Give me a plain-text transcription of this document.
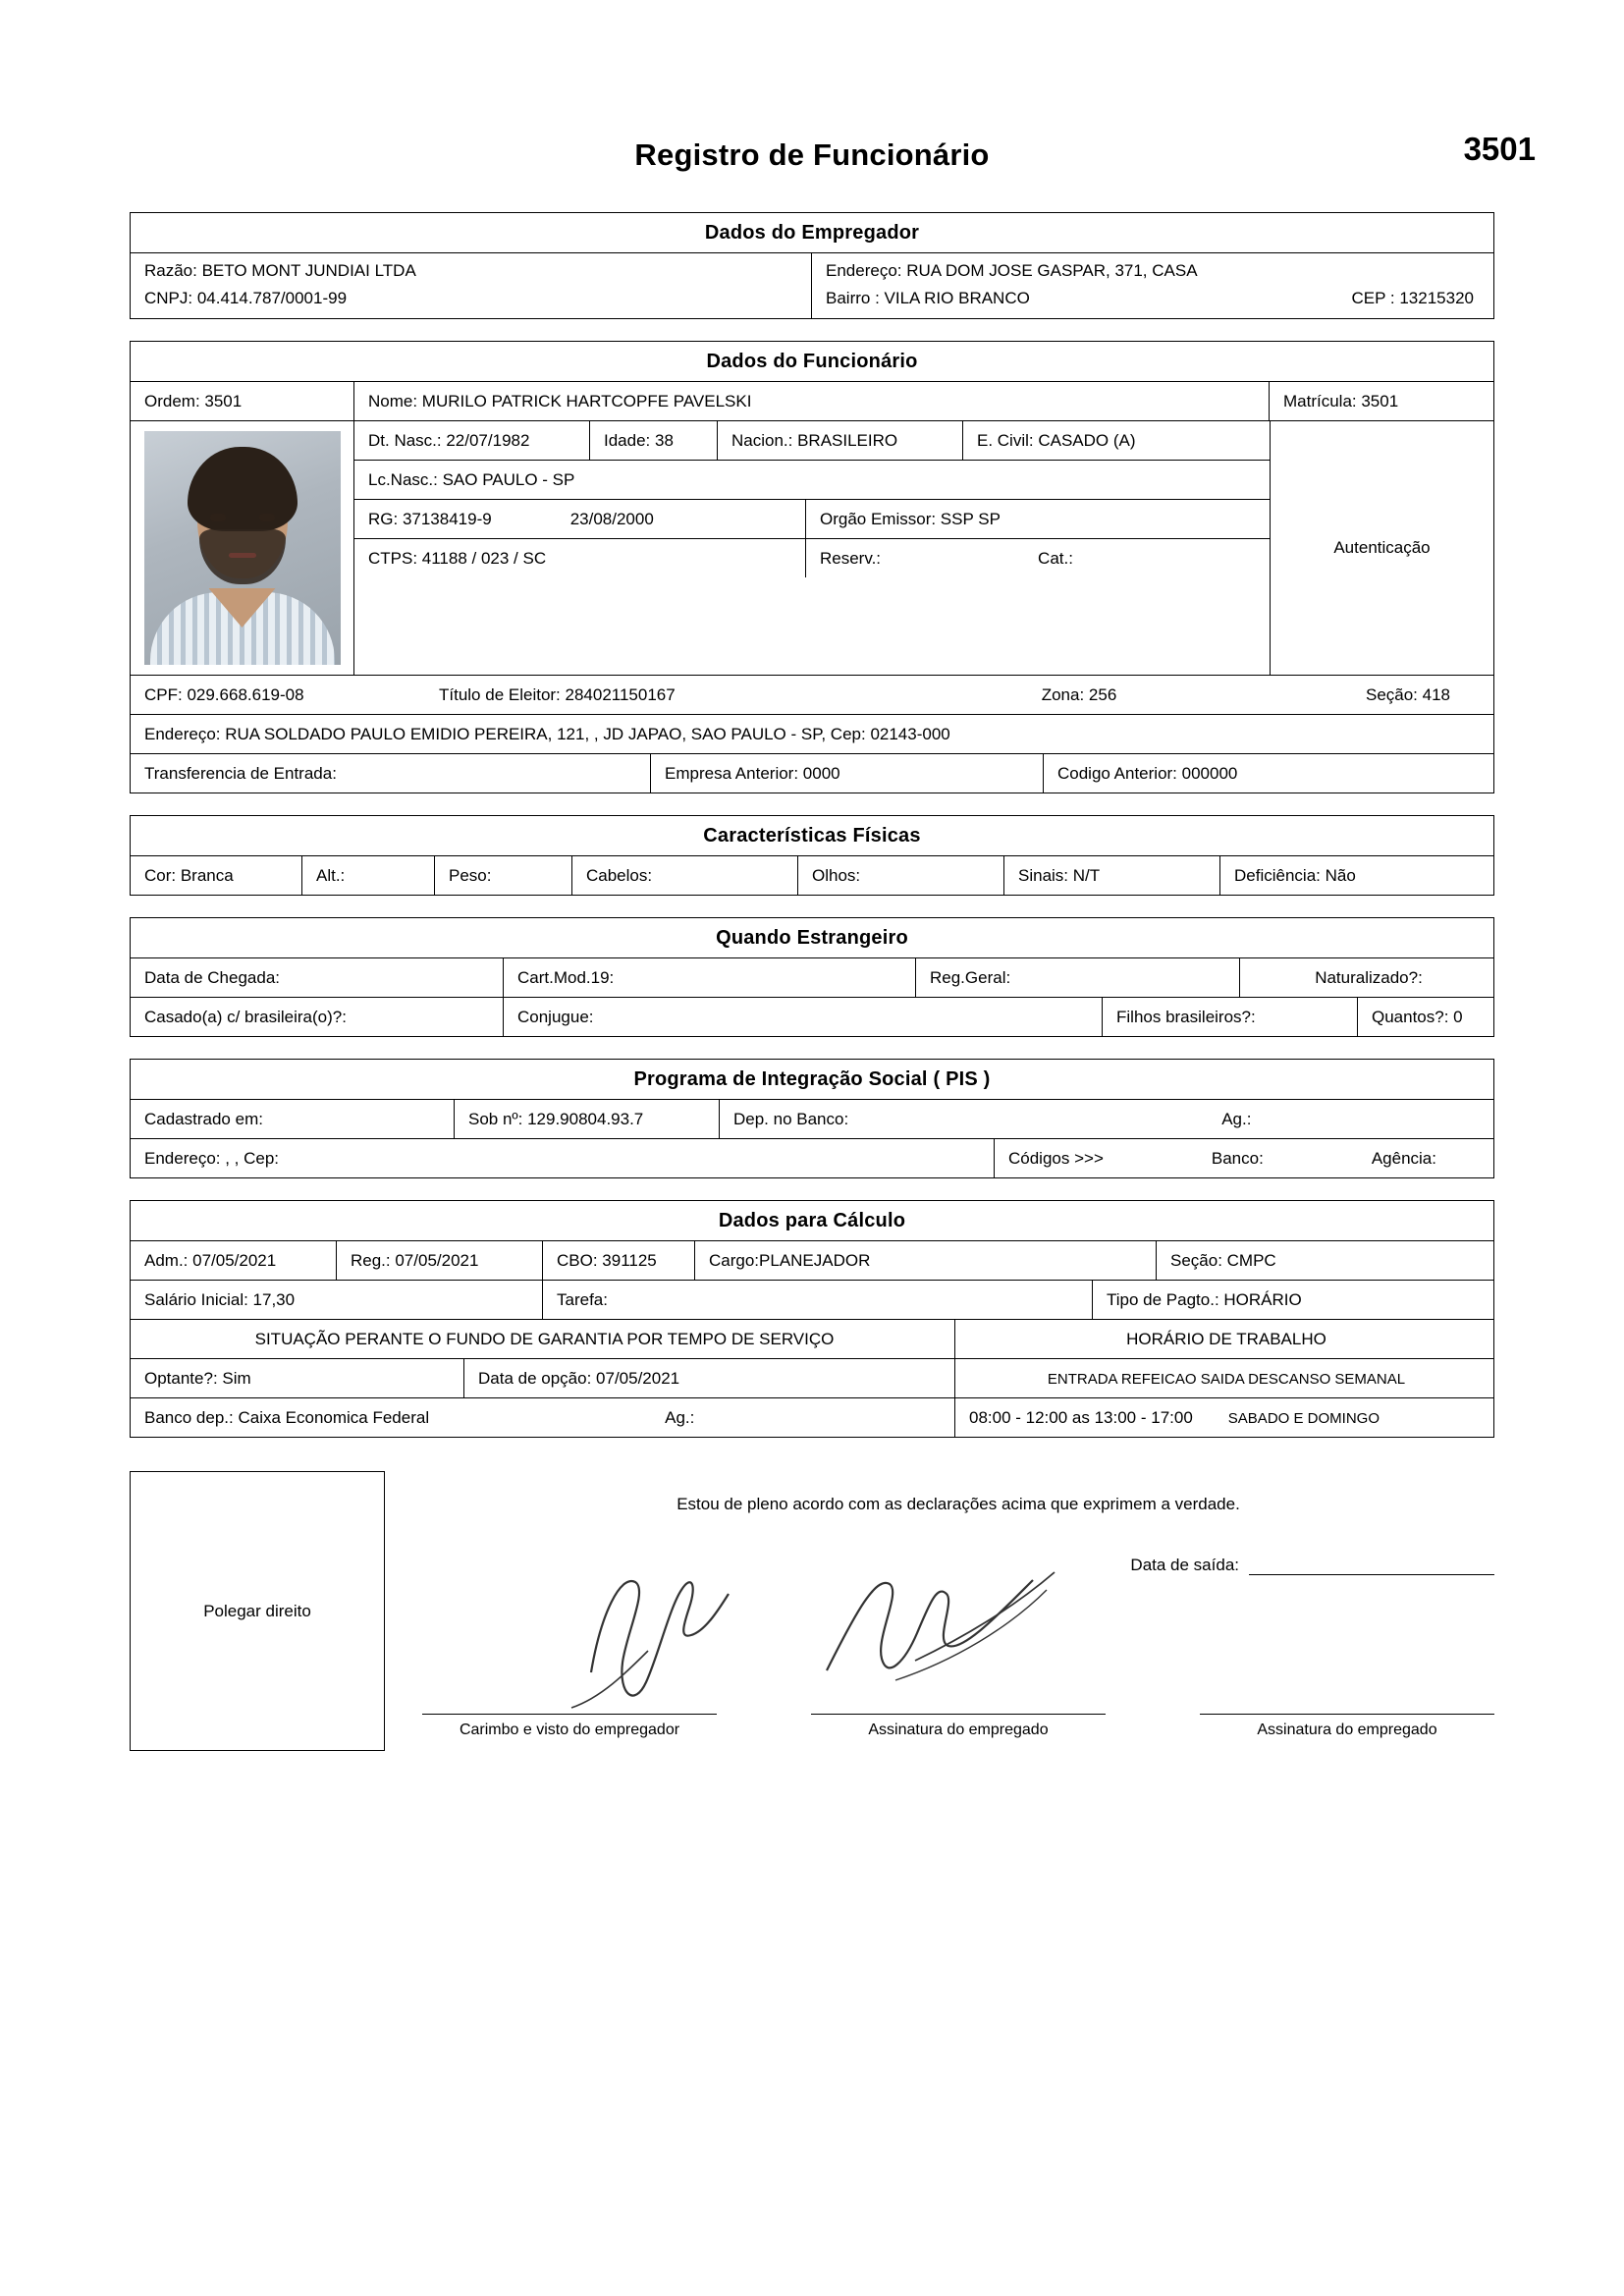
Registro de Funcionário	3501
Dados do Empregador
Razão: BETO MONT JUNDIAI LTDA
CNPJ: 04.414.787/0001-99
Endereço: RUA DOM JOSE GASPAR, 371, CASA
Bairro : VILA RIO BRANCO	CEP : 13215320
Dados do Funcionário
Ordem: 3501	Nome: MURILO PATRICK HARTCOPFE PAVELSKI	Matrícula: 3501
Dt. Nasc.: 22/07/1982	Idade: 38	Nacion.: BRASILEIRO	E. Civil: CASADO (A)
Lc.Nasc.: SAO PAULO - SP
RG: 37138419-9	23/08/2000	Orgão Emissor: SSP SP
CTPS: 41188 / 023 / SC	Reserv.:	Cat.:
Autenticação
CPF: 029.668.619-08	Título de Eleitor: 284021150167	Zona: 256	Seção: 418
Endereço: RUA SOLDADO PAULO EMIDIO PEREIRA, 121, , JD JAPAO, SAO PAULO - SP, Cep: 02143-000
Transferencia de Entrada:	Empresa Anterior: 0000	Codigo Anterior: 000000
Características Físicas
Cor: Branca	Alt.:	Peso:	Cabelos:	Olhos:	Sinais: N/T	Deficiência: Não
Quando Estrangeiro
Data de Chegada:	Cart.Mod.19:	Reg.Geral:	Naturalizado?:
Casado(a) c/ brasileira(o)?:	Conjugue:	Filhos brasileiros?:	Quantos?: 0
Programa de Integração Social ( PIS )
Cadastrado em:	Sob nº: 129.90804.93.7	Dep. no Banco:	Ag.:
Endereço: , , Cep:	Códigos >>>	Banco:	Agência:
Dados para Cálculo
Adm.: 07/05/2021	Reg.: 07/05/2021	CBO: 391125	Cargo:PLANEJADOR	Seção: CMPC
Salário Inicial: 17,30	Tarefa:	Tipo de Pagto.: HORÁRIO
SITUAÇÃO PERANTE O FUNDO DE GARANTIA POR TEMPO DE SERVIÇO	HORÁRIO DE TRABALHO
Optante?: Sim	Data de opção: 07/05/2021	ENTRADA REFEICAO SAIDA DESCANSO SEMANAL
Banco dep.: Caixa Economica Federal	Ag.:	08:00 - 12:00 as 13:00 - 17:00 SABADO E DOMINGO
Polegar direito
Estou de pleno acordo com as declarações acima que exprimem a verdade.
Data de saída:
Carimbo e visto do empregador	Assinatura do empregado	Assinatura do empregado
